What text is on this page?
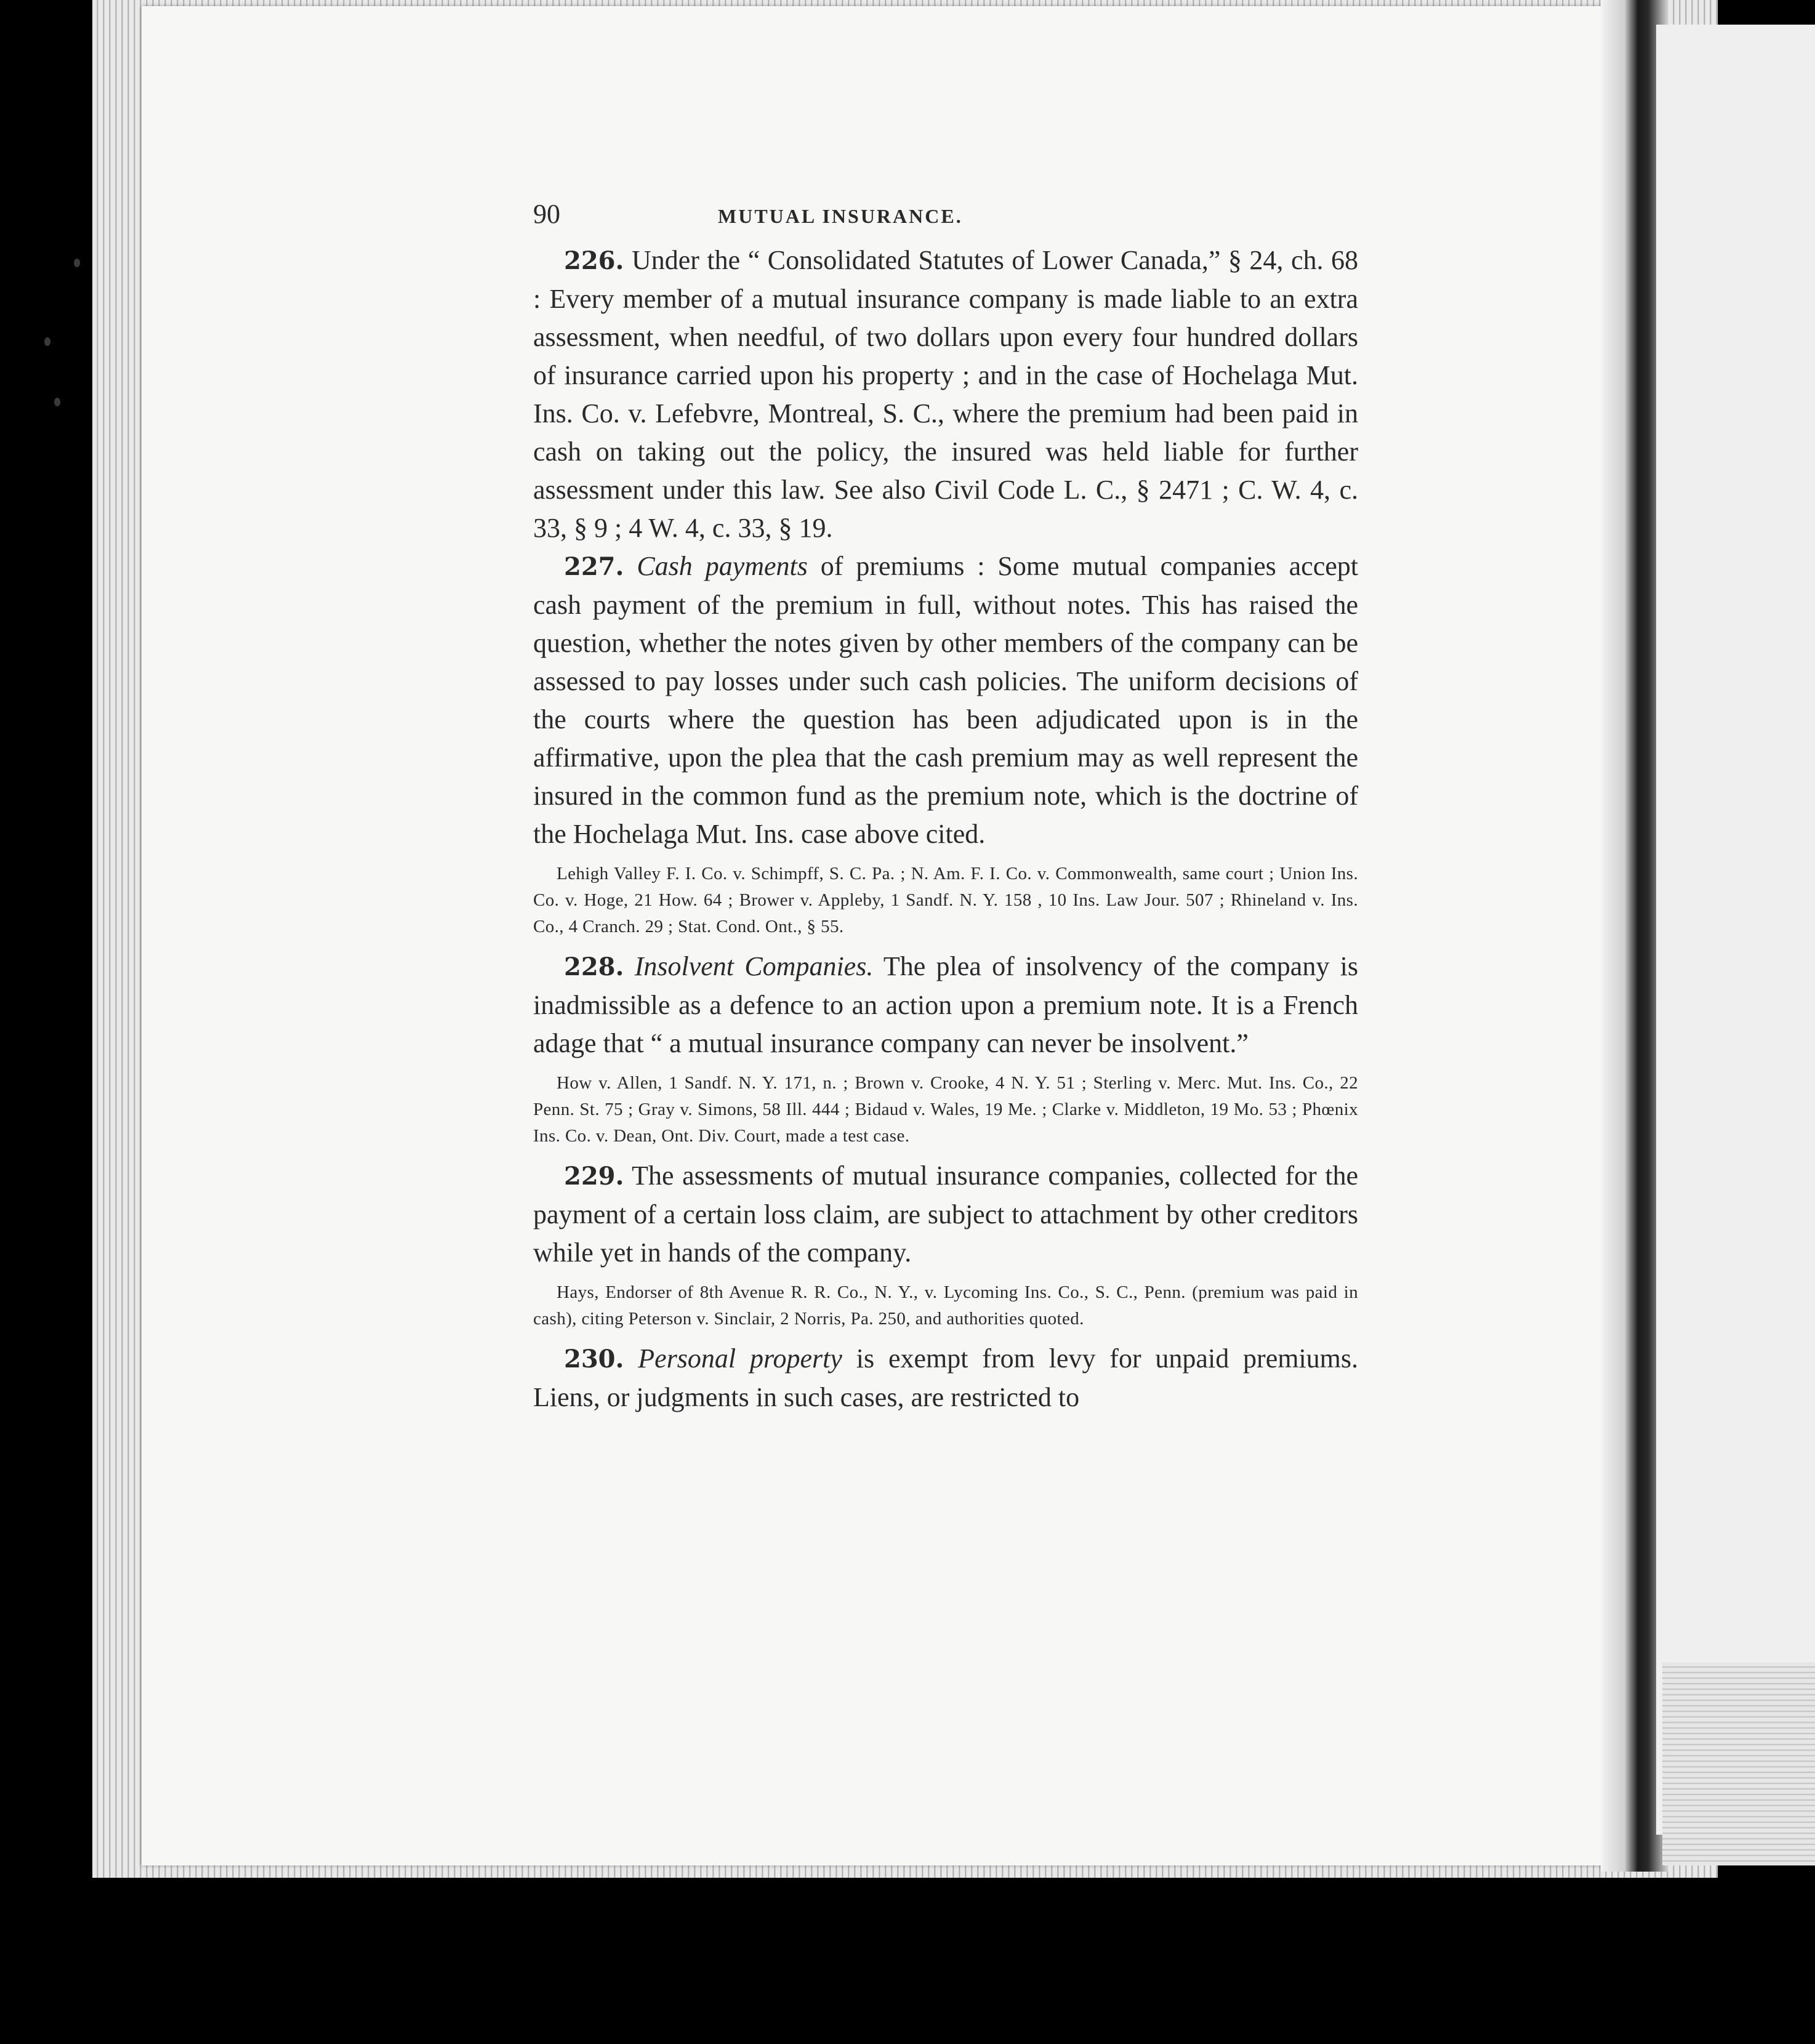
90	MUTUAL INSURANCE.

226. Under the “ Consolidated Statutes of Lower Canada,” § 24, ch. 68 : Every member of a mutual insurance company is made liable to an extra assessment, when needful, of two dollars upon every four hundred dollars of insurance carried upon his property ; and in the case of Hochelaga Mut. Ins. Co. v. Lefebvre, Montreal, S. C., where the premium had been paid in cash on taking out the policy, the insured was held liable for further assessment under this law. See also Civil Code L. C., § 2471 ; C. W. 4, c. 33, § 9 ; 4 W. 4, c. 33, § 19.

227. Cash payments of premiums : Some mutual companies accept cash payment of the premium in full, without notes. This has raised the question, whether the notes given by other members of the company can be assessed to pay losses under such cash policies. The uniform decisions of the courts where the question has been adjudicated upon is in the affirmative, upon the plea that the cash premium may as well represent the insured in the common fund as the premium note, which is the doctrine of the Hochelaga Mut. Ins. case above cited.

Lehigh Valley F. I. Co. v. Schimpff, S. C. Pa. ; N. Am. F. I. Co. v. Commonwealth, same court ; Union Ins. Co. v. Hoge, 21 How. 64 ; Brower v. Appleby, 1 Sandf. N. Y. 158 , 10 Ins. Law Jour. 507 ; Rhineland v. Ins. Co., 4 Cranch. 29 ; Stat. Cond. Ont., § 55.

228. Insolvent Companies. The plea of insolvency of the company is inadmissible as a defence to an action upon a premium note. It is a French adage that “ a mutual insurance company can never be insolvent.”

How v. Allen, 1 Sandf. N. Y. 171, n. ; Brown v. Crooke, 4 N. Y. 51 ; Sterling v. Merc. Mut. Ins. Co., 22 Penn. St. 75 ; Gray v. Simons, 58 Ill. 444 ; Bidaud v. Wales, 19 Me. ; Clarke v. Middleton, 19 Mo. 53 ; Phœnix Ins. Co. v. Dean, Ont. Div. Court, made a test case.

229. The assessments of mutual insurance companies, collected for the payment of a certain loss claim, are subject to attachment by other creditors while yet in hands of the company.

Hays, Endorser of 8th Avenue R. R. Co., N. Y., v. Lycoming Ins. Co., S. C., Penn. (premium was paid in cash), citing Peterson v. Sinclair, 2 Norris, Pa. 250, and authorities quoted.

230. Personal property is exempt from levy for unpaid premiums. Liens, or judgments in such cases, are restricted to
